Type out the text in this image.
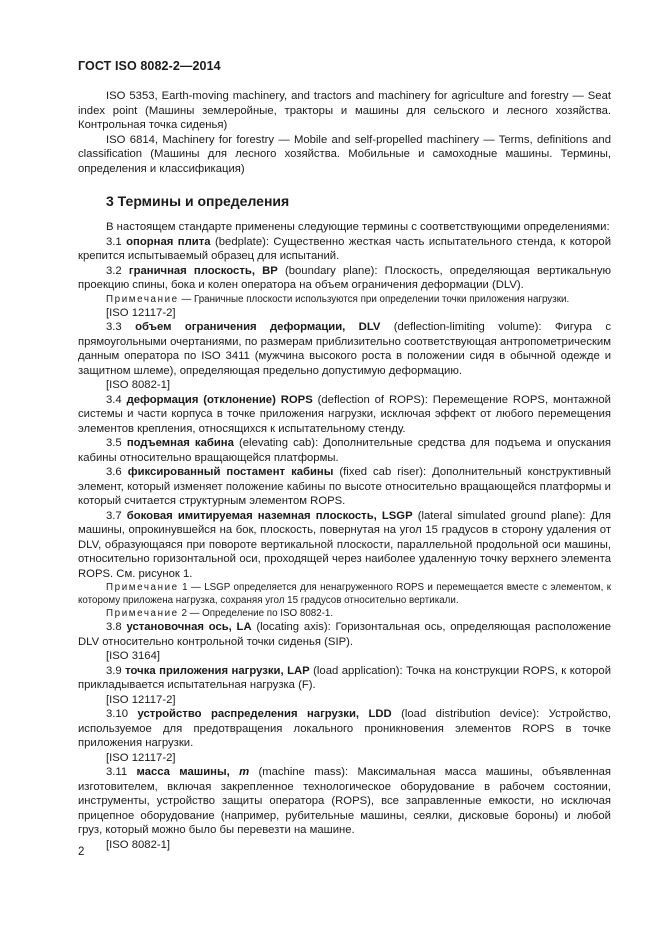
ГОСТ ISO 8082-2—2014

ISO 5353, Earth-moving machinery, and tractors and machinery for agriculture and forestry — Seat index point (Машины землеройные, тракторы и машины для сельского и лесного хозяйства. Контрольная точка сиденья)

ISO 6814, Machinery for forestry — Mobile and self-propelled machinery — Terms, definitions and classification (Машины для лесного хозяйства. Мобильные и самоходные машины. Термины, определения и классификация)

3 Термины и определения

В настоящем стандарте применены следующие термины с соответствующими определениями:

3.1 опорная плита (bedplate): Существенно жесткая часть испытательного стенда, к которой крепится испытываемый образец для испытаний.

3.2 граничная плоскость, BP (boundary plane): Плоскость, определяющая вертикальную проекцию спины, бока и колен оператора на объем ограничения деформации (DLV).

Примечание — Граничные плоскости используются при определении точки приложения нагрузки.

[ISO 12117-2]

3.3 объем ограничения деформации, DLV (deflection-limiting volume): Фигура с прямоугольными очертаниями, по размерам приблизительно соответствующая антропометрическим данным оператора по ISO 3411 (мужчина высокого роста в положении сидя в обычной одежде и защитном шлеме), определяющая предельно допустимую деформацию.

[ISO 8082-1]

3.4 деформация (отклонение) ROPS (deflection of ROPS): Перемещение ROPS, монтажной системы и части корпуса в точке приложения нагрузки, исключая эффект от любого перемещения элементов крепления, относящихся к испытательному стенду.

3.5 подъемная кабина (elevating cab): Дополнительные средства для подъема и опускания кабины относительно вращающейся платформы.

3.6 фиксированный постамент кабины (fixed cab riser): Дополнительный конструктивный элемент, который изменяет положение кабины по высоте относительно вращающейся платформы и который считается структурным элементом ROPS.

3.7 боковая имитируемая наземная плоскость, LSGP (lateral simulated ground plane): Для машины, опрокинувшейся на бок, плоскость, повернутая на угол 15 градусов в сторону удаления от DLV, образующаяся при повороте вертикальной плоскости, параллельной продольной оси машины, относительно горизонтальной оси, проходящей через наиболее удаленную точку верхнего элемента ROPS. См. рисунок 1.

Примечание 1 — LSGP определяется для ненагруженного ROPS и перемещается вместе с элементом, к которому приложена нагрузка, сохраняя угол 15 градусов относительно вертикали.

Примечание 2 — Определение по ISO 8082-1.

3.8 установочная ось, LA (locating axis): Горизонтальная ось, определяющая расположение DLV относительно контрольной точки сиденья (SIP).

[ISO 3164]

3.9 точка приложения нагрузки, LAP (load application): Точка на конструкции ROPS, к которой прикладывается испытательная нагрузка (F).

[ISO 12117-2]

3.10 устройство распределения нагрузки, LDD (load distribution device): Устройство, используемое для предотвращения локального проникновения элементов ROPS в точке приложения нагрузки.

[ISO 12117-2]

3.11 масса машины, m (machine mass): Максимальная масса машины, объявленная изготовителем, включая закрепленное технологическое оборудование в рабочем состоянии, инструменты, устройство защиты оператора (ROPS), все заправленные емкости, но исключая прицепное оборудование (например, рубительные машины, сеялки, дисковые бороны) и любой груз, который можно было бы перевезти на машине.

[ISO 8082-1]

2
